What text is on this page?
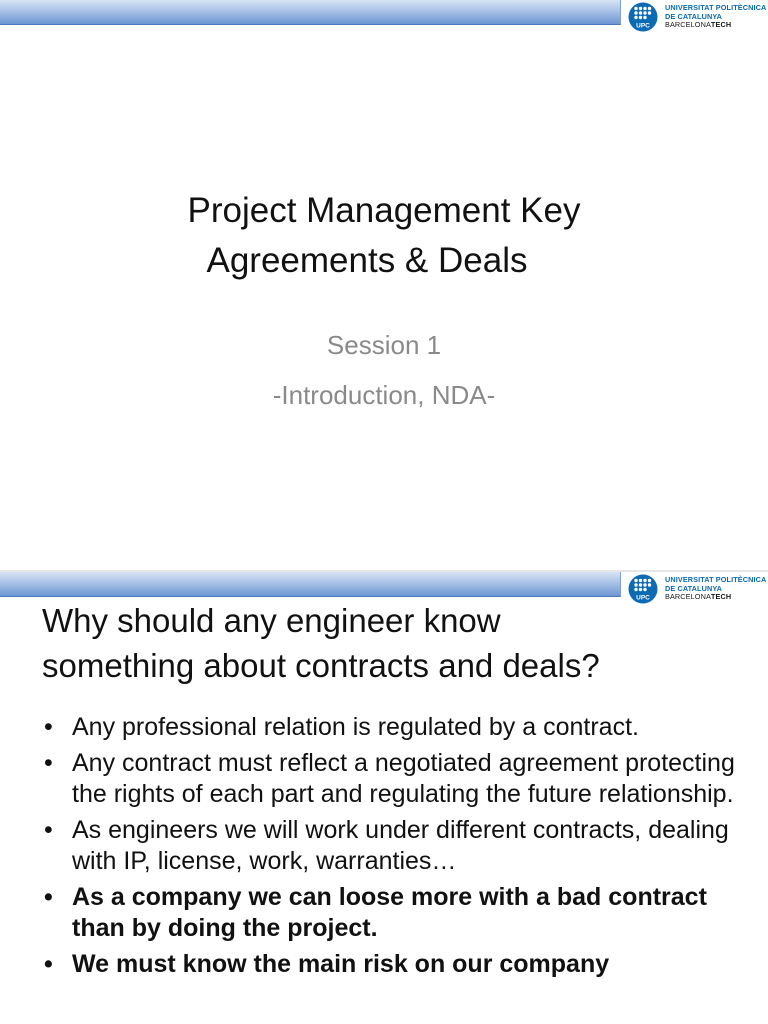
UPC
UNIVERSITAT POLITÈCNICA
DE CATALUNYA
BARCELONATECH
Project Management Key
Agreements & Deals
Session 1
-Introduction, NDA-
UPC
UNIVERSITAT POLITÈCNICA
DE CATALUNYA
BARCELONATECH
Why should any engineer know
something about contracts and deals?
• Any professional relation is regulated by a contract.
• Any contract must reflect a negotiated agreement protecting the rights of each part and regulating the future relationship.
• As engineers we will work under different contracts, dealing with IP, license, work, warranties…
• As a company we can loose more with a bad contract than by doing the project.
• We must know the main risk on our company
